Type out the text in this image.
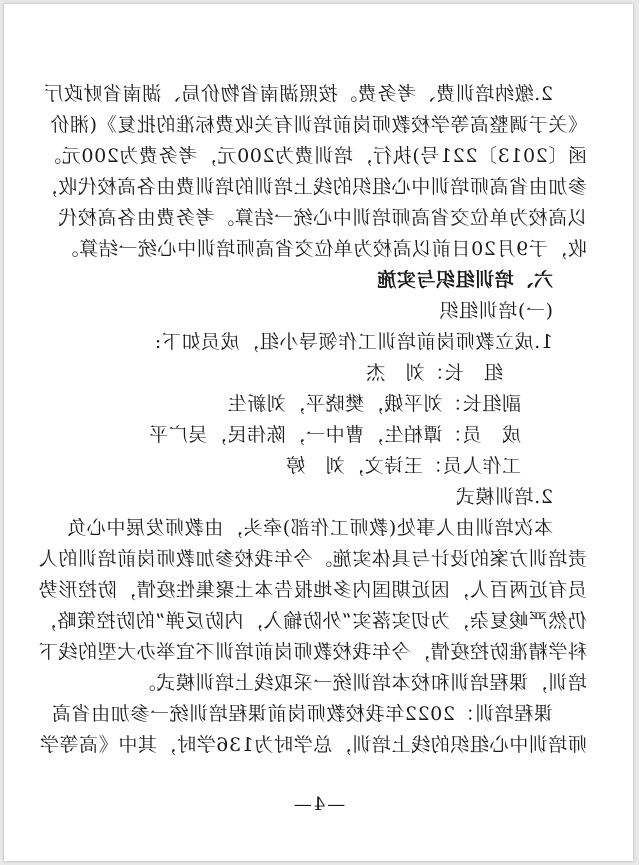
2.缴纳培训费、考务费。按照湖南省物价局、湖南省财政厅
《关于调整高等学校教师岗前培训有关收费标准的批复》(湘价
函〔2013〕221号)执行，培训费为200元，考务费为200元。
参加由省高师培训中心组织的线上培训的培训费由各高校代收，
以高校为单位交省高师培训中心统一结算。考务费由各高校代
收，于9月20日前以高校为单位交省高师培训中心统一结算。
六、培训组织与实施
(一)培训组织
1.成立教师岗前培训工作领导小组，成员如下:
组　长：刘　杰
副组长：刘平娥，樊晓平，刘新生
成　员：谭柏生，曹中一，陈伟民，吴广平
工作人员：王诗文，刘　婷
2.培训模式
本次培训由人事处(教师工作部)牵头，由教师发展中心负
责培训方案的设计与具体实施。今年我校参加教师岗前培训的人
员有近两百人，因近期国内多地报告本土聚集性疫情，防控形势
仍然严峻复杂，为切实落实“外防输入，内防反弹”的防控策略，
科学精准防控疫情，今年我校教师岗前培训不宜举办大型的线下
培训，课程培训和校本培训统一采取线上培训模式。
课程培训：2022年我校教师岗前课程培训统一参加由省高
师培训中心组织的线上培训，总学时为136学时，其中《高等学
—4—
